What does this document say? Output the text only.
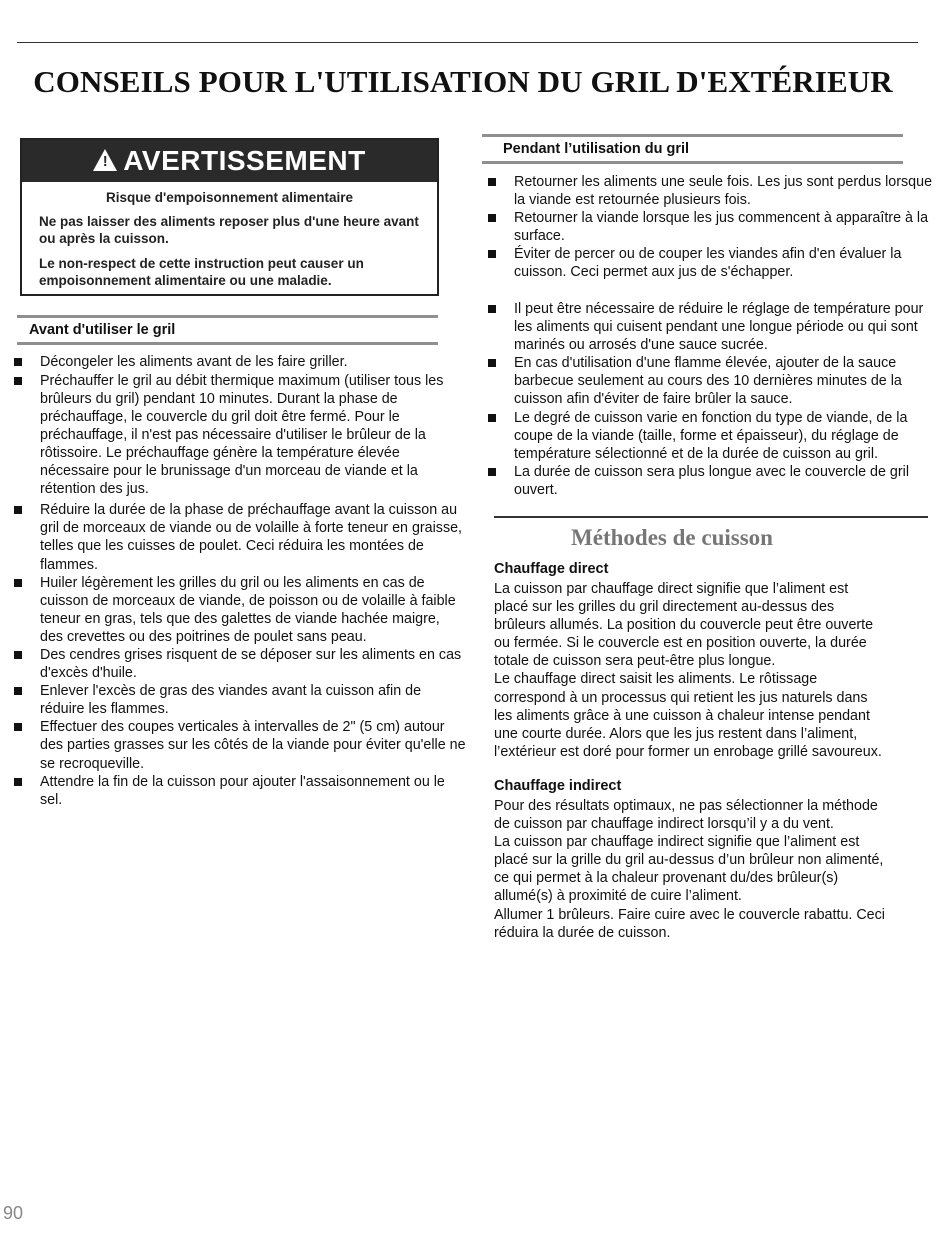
CONSEILS POUR L'UTILISATION DU GRIL D'EXTÉRIEUR
! AVERTISSEMENT
Risque d'empoisonnement alimentaire

Ne pas laisser des aliments reposer plus d'une heure avant ou après la cuisson.

Le non-respect de cette instruction peut causer un empoisonnement alimentaire ou une maladie.

Avant d'utiliser le gril
Décongeler les aliments avant de les faire griller.
Préchauffer le gril au débit thermique maximum (utiliser tous les brûleurs du gril) pendant 10 minutes. Durant la phase de préchauffage, le couvercle du gril doit être fermé. Pour le préchauffage, il n'est pas nécessaire d'utiliser le brûleur de la rôtissoire. Le préchauffage génère la température élevée nécessaire pour le brunissage d'un morceau de viande et la rétention des jus.
Réduire la durée de la phase de préchauffage avant la cuisson au gril de morceaux de viande ou de volaille à forte teneur en graisse, telles que les cuisses de poulet. Ceci réduira les montées de flammes.
Huiler légèrement les grilles du gril ou les aliments en cas de cuisson de morceaux de viande, de poisson ou de volaille à faible teneur en gras, tels que des galettes de viande hachée maigre, des crevettes ou des poitrines de poulet sans peau.
Des cendres grises risquent de se déposer sur les aliments en cas d'excès d'huile.
Enlever l'excès de gras des viandes avant la cuisson afin de réduire les flammes.
Effectuer des coupes verticales à intervalles de 2" (5 cm) autour des parties grasses sur les côtés de la viande pour éviter qu'elle ne se recroqueville.
Attendre la fin de la cuisson pour ajouter l'assaisonnement ou le sel.
Pendant l’utilisation du gril
Retourner les aliments une seule fois. Les jus sont perdus lorsque la viande est retournée plusieurs fois.
Retourner la viande lorsque les jus commencent à apparaître à la surface.
Éviter de percer ou de couper les viandes afin d'en évaluer la cuisson. Ceci permet aux jus de s'échapper.
Il peut être nécessaire de réduire le réglage de température pour les aliments qui cuisent pendant une longue période ou qui sont marinés ou arrosés d'une sauce sucrée.
En cas d'utilisation d'une flamme élevée, ajouter de la sauce barbecue seulement au cours des 10 dernières minutes de la cuisson afin d'éviter de faire brûler la sauce.
Le degré de cuisson varie en fonction du type de viande, de la coupe de la viande (taille, forme et épaisseur), du réglage de température sélectionné et de la durée de cuisson au gril.
La durée de cuisson sera plus longue avec le couvercle de gril ouvert.
Méthodes de cuisson
Chauffage direct
La cuisson par chauffage direct signifie que l’aliment est
placé sur les grilles du gril directement au-dessus des
brûleurs allumés. La position du couvercle peut être ouverte
ou fermée. Si le couvercle est en position ouverte, la durée
totale de cuisson sera peut-être plus longue.
Le chauffage direct saisit les aliments. Le rôtissage
correspond à un processus qui retient les jus naturels dans
les aliments grâce à une cuisson à chaleur intense pendant
une courte durée. Alors que les jus restent dans l’aliment,
l’extérieur est doré pour former un enrobage grillé savoureux.
Chauffage indirect
Pour des résultats optimaux, ne pas sélectionner la méthode
de cuisson par chauffage indirect lorsqu’il y a du vent.
La cuisson par chauffage indirect signifie que l’aliment est
placé sur la grille du gril au-dessus d’un brûleur non alimenté,
ce qui permet à la chaleur provenant du/des brûleur(s)
allumé(s) à proximité de cuire l’aliment.
Allumer 1 brûleurs. Faire cuire avec le couvercle rabattu. Ceci
réduira la durée de cuisson.
90
